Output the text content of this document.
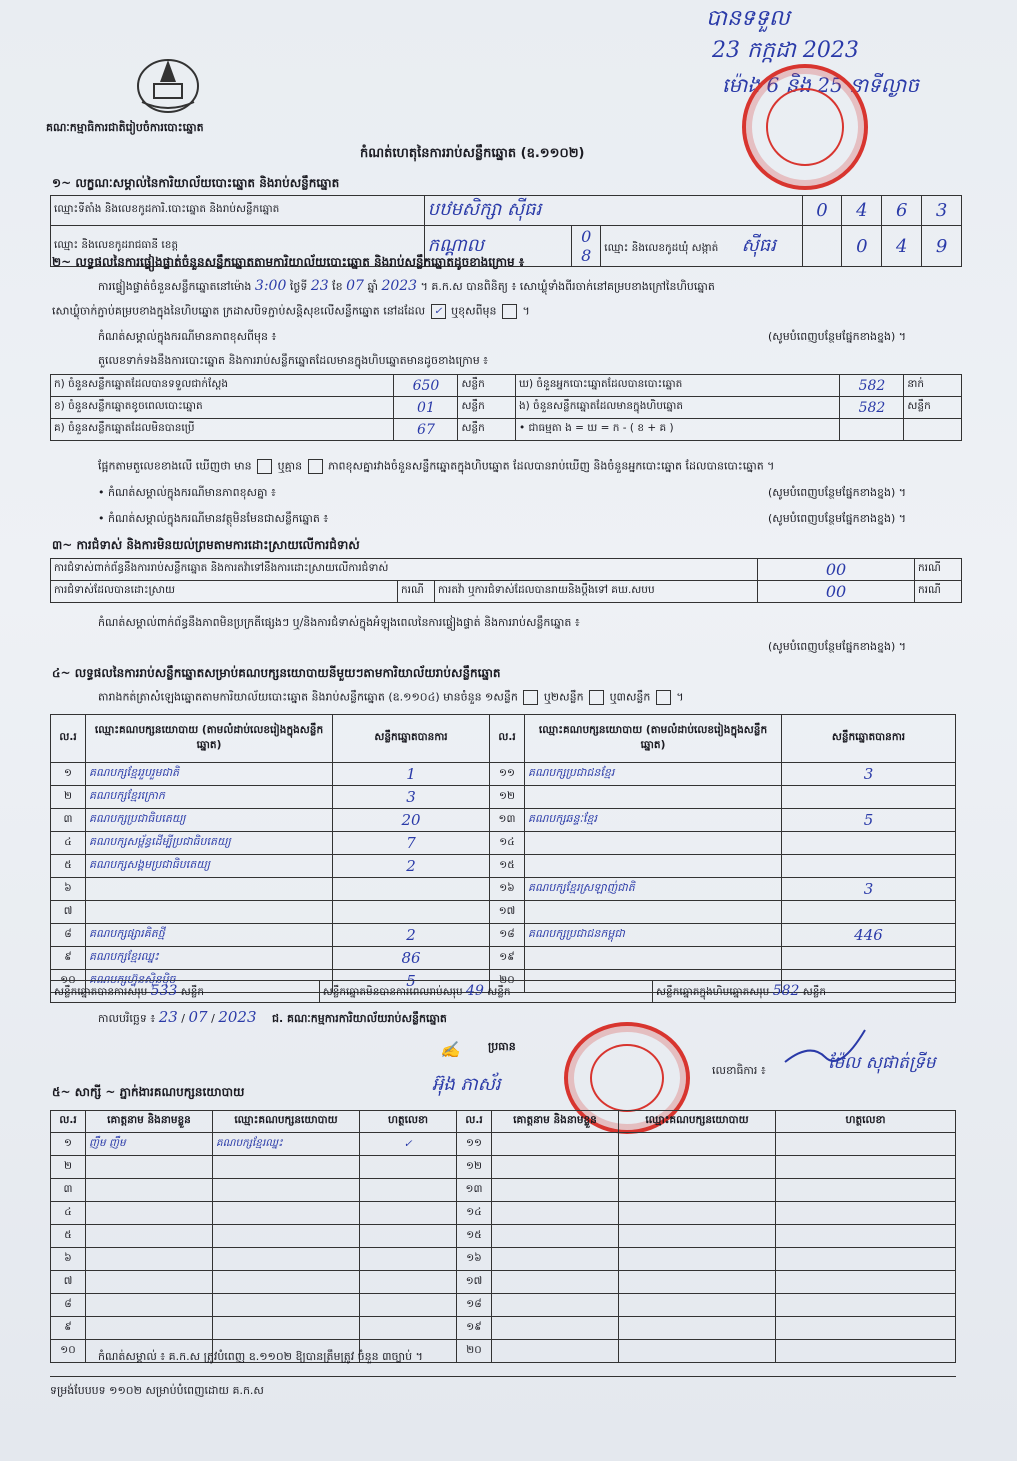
គណៈកម្មាធិការជាតិរៀបចំការបោះឆ្នោត
កំណត់ហេតុនៃការរាប់សន្លឹកឆ្នោត (ឧ.១១០២)
បានទទួល
23 កក្កដា 2023
ម៉ោង 6 និង 25 នាទីល្ងាច
១~ លក្ខណៈសម្គាល់នៃការិយាល័យបោះឆ្នោត និងរាប់សន្លឹកឆ្នោត
ឈ្មោះទីតាំង និងលេខកូដការិ.បោះឆ្នោត និងរាប់សន្លឹកឆ្នោត	បឋមសិក្សា ស៊ីធរ			0	4	6	3
ឈ្មោះ និងលេខកូដរាជធានី ខេត្ត	កណ្ដាល	0 8	ឈ្មោះ និងលេខកូដឃុំ សង្កាត់ ស៊ីធរ		0	4	9
២~ លទ្ធផលនៃការផ្ទៀងផ្ទាត់ចំនួនសន្លឹកឆ្នោតតាមការិយាល័យបោះឆ្នោត និងរាប់សន្លឹកឆ្នោតដូចខាងក្រោម ៖
ការផ្ទៀងផ្ទាត់ចំនួនសន្លឹកឆ្នោតនៅម៉ោង 3:00 ថ្ងៃទី 23 ខែ 07 ឆ្នាំ 2023 ។ គ.ក.ស បានពិនិត្យ ៖ សោឃ្លុំទាំងពីរចាក់នៅគម្របខាងក្រៅនៃហិបឆ្នោត
សោឃ្លុំចាក់ភ្ជាប់គម្របខាងក្នុងនៃហិបឆ្នោត ក្រដាសបិទភ្ជាប់សន្តិសុខលើសន្លឹកឆ្នោត នៅដដែល ✓ ឬខុសពីមុន  ។
កំណត់សម្គាល់ក្នុងករណីមានភាពខុសពីមុន ៖	(សូមបំពេញបន្ថែមផ្នែកខាងខ្នង) ។
តួលេខទាក់ទងនឹងការបោះឆ្នោត និងការរាប់សន្លឹកឆ្នោតដែលមានក្នុងហិបឆ្នោតមានដូចខាងក្រោម ៖
ក) ចំនួនសន្លឹកឆ្នោតដែលបានទទួលជាក់ស្ដែង	650	សន្លឹក	ឃ) ចំនួនអ្នកបោះឆ្នោតដែលបានបោះឆ្នោត	582	នាក់
ខ) ចំនួនសន្លឹកឆ្នោតខូចពេលបោះឆ្នោត	01	សន្លឹក	ង) ចំនួនសន្លឹកឆ្នោតដែលមានក្នុងហិបឆ្នោត	582	សន្លឹក
គ) ចំនួនសន្លឹកឆ្នោតដែលមិនបានប្រើ	67	សន្លឹក	• ជាធម្មតា ង = ឃ = ក - ( ខ + គ )		
ផ្អែកតាមតួលេខខាងលើ ឃើញថា មាន ឬគ្មាន ភាពខុសគ្នារវាងចំនួនសន្លឹកឆ្នោតក្នុងហិបឆ្នោត ដែលបានរាប់ឃើញ និងចំនួនអ្នកបោះឆ្នោត ដែលបានបោះឆ្នោត ។
• កំណត់សម្គាល់ក្នុងករណីមានភាពខុសគ្នា ៖	(សូមបំពេញបន្ថែមផ្នែកខាងខ្នង) ។
• កំណត់សម្គាល់ក្នុងករណីមានវត្ថុមិនមែនជាសន្លឹកឆ្នោត ៖	(សូមបំពេញបន្ថែមផ្នែកខាងខ្នង) ។
៣~ ការជំទាស់ និងការមិនយល់ព្រមតាមការដោះស្រាយលើការជំទាស់
ការជំទាស់ពាក់ព័ន្ធនឹងការរាប់សន្លឹកឆ្នោត និងការតវ៉ាទៅនឹងការដោះស្រាយលើការជំទាស់			00	ករណី
ការជំទាស់ដែលបានដោះស្រាយ	ករណី	ការតវ៉ា ឬការជំទាស់ដែលបានរាយនិងប្ដឹងទៅ គឃ.សបប	00	ករណី
កំណត់សម្គាល់ពាក់ព័ន្ធនឹងភាពមិនប្រក្រតីផ្សេងៗ ឬ/និងការជំទាស់ក្នុងអំឡុងពេលនៃការផ្ទៀងផ្ទាត់ និងការរាប់សន្លឹកឆ្នោត ៖
(សូមបំពេញបន្ថែមផ្នែកខាងខ្នង) ។
៤~ លទ្ធផលនៃការរាប់សន្លឹកឆ្នោតសម្រាប់គណបក្សនយោបាយនីមួយៗតាមការិយាល័យរាប់សន្លឹកឆ្នោត
តារាងកត់ត្រាសំឡេងឆ្នោតតាមការិយាល័យបោះឆ្នោត និងរាប់សន្លឹកឆ្នោត (ឧ.១១០៤) មានចំនួន ១សន្លឹក ឬ២សន្លឹក ឬ៣សន្លឹក  ។
ល.រ	ឈ្មោះគណបក្សនយោបាយ (តាមលំដាប់លេខរៀងក្នុងសន្លឹកឆ្នោត)	សន្លឹកឆ្នោតបានការ	ល.រ	ឈ្មោះគណបក្សនយោបាយ (តាមលំដាប់លេខរៀងក្នុងសន្លឹកឆ្នោត)	សន្លឹកឆ្នោតបានការ
១	គណបក្សខ្មែររួបរួមជាតិ	1	១១	គណបក្សប្រជាជនខ្មែរ	3
២	គណបក្សខ្មែរក្រោក	3	១២		
៣	គណបក្សប្រជាធិបតេយ្យ	20	១៣	គណបក្សឆន្ទៈខ្មែរ	5
៤	គណបក្សសម្ព័ន្ធដើម្បីប្រជាធិបតេយ្យ	7	១៤		
៥	គណបក្សសង្គមប្រជាធិបតេយ្យ	2	១៥		
៦			១៦	គណបក្សខ្មែរស្រឡាញ់ជាតិ	3
៧			១៧		
៨	គណបក្សផ្សារគិតថ្មី	2	១៨	គណបក្សប្រជាជនកម្ពុជា	446
៩	គណបក្សខ្មែរឈ្នះ	86	១៩		
១០	គណបក្សហ្វ៊ុនស៊ិនប៉ិច	5	២០		
សន្លឹកឆ្នោតបានការសរុប 533 សន្លឹក	សន្លឹកឆ្នោតមិនបានការពេលរាប់សរុប 49 សន្លឹក	សន្លឹកឆ្នោតក្នុងហិបឆ្នោតសរុប 582 សន្លឹក
កាលបរិច្ឆេទ ៖ 23 / 07 / 2023 ជ. គណៈកម្មការការិយាល័យរាប់សន្លឹកឆ្នោត
ប្រធាន
✍
អ៊ុង ភាស័រ
លេខាធិការ ៖	ម៉ែល សុផាត់ទ្រីម
៥~ សាក្សី ~ ភ្នាក់ងារគណបក្សនយោបាយ
ល.រ	គោត្តនាម និងនាមខ្លួន	ឈ្មោះគណបក្សនយោបាយ	ហត្ថលេខា	ល.រ	គោត្តនាម និងនាមខ្លួន	ឈ្មោះគណបក្សនយោបាយ	ហត្ថលេខា
១	ញឹម ញឹម	គណបក្សខ្មែរឈ្នះ	✓	១១			
២				១២			
៣				១៣			
៤				១៤			
៥				១៥			
៦				១៦			
៧				១៧			
៨				១៨			
៩				១៩			
១០				២០			
កំណត់សម្គាល់ ៖ គ.ក.ស ត្រូវបំពេញ ឧ.១១០២ ឱ្យបានត្រឹមត្រូវ ចំនួន ៣ច្បាប់ ។
ទម្រង់បែបបទ ១១០២ សម្រាប់បំពេញដោយ គ.ក.ស
